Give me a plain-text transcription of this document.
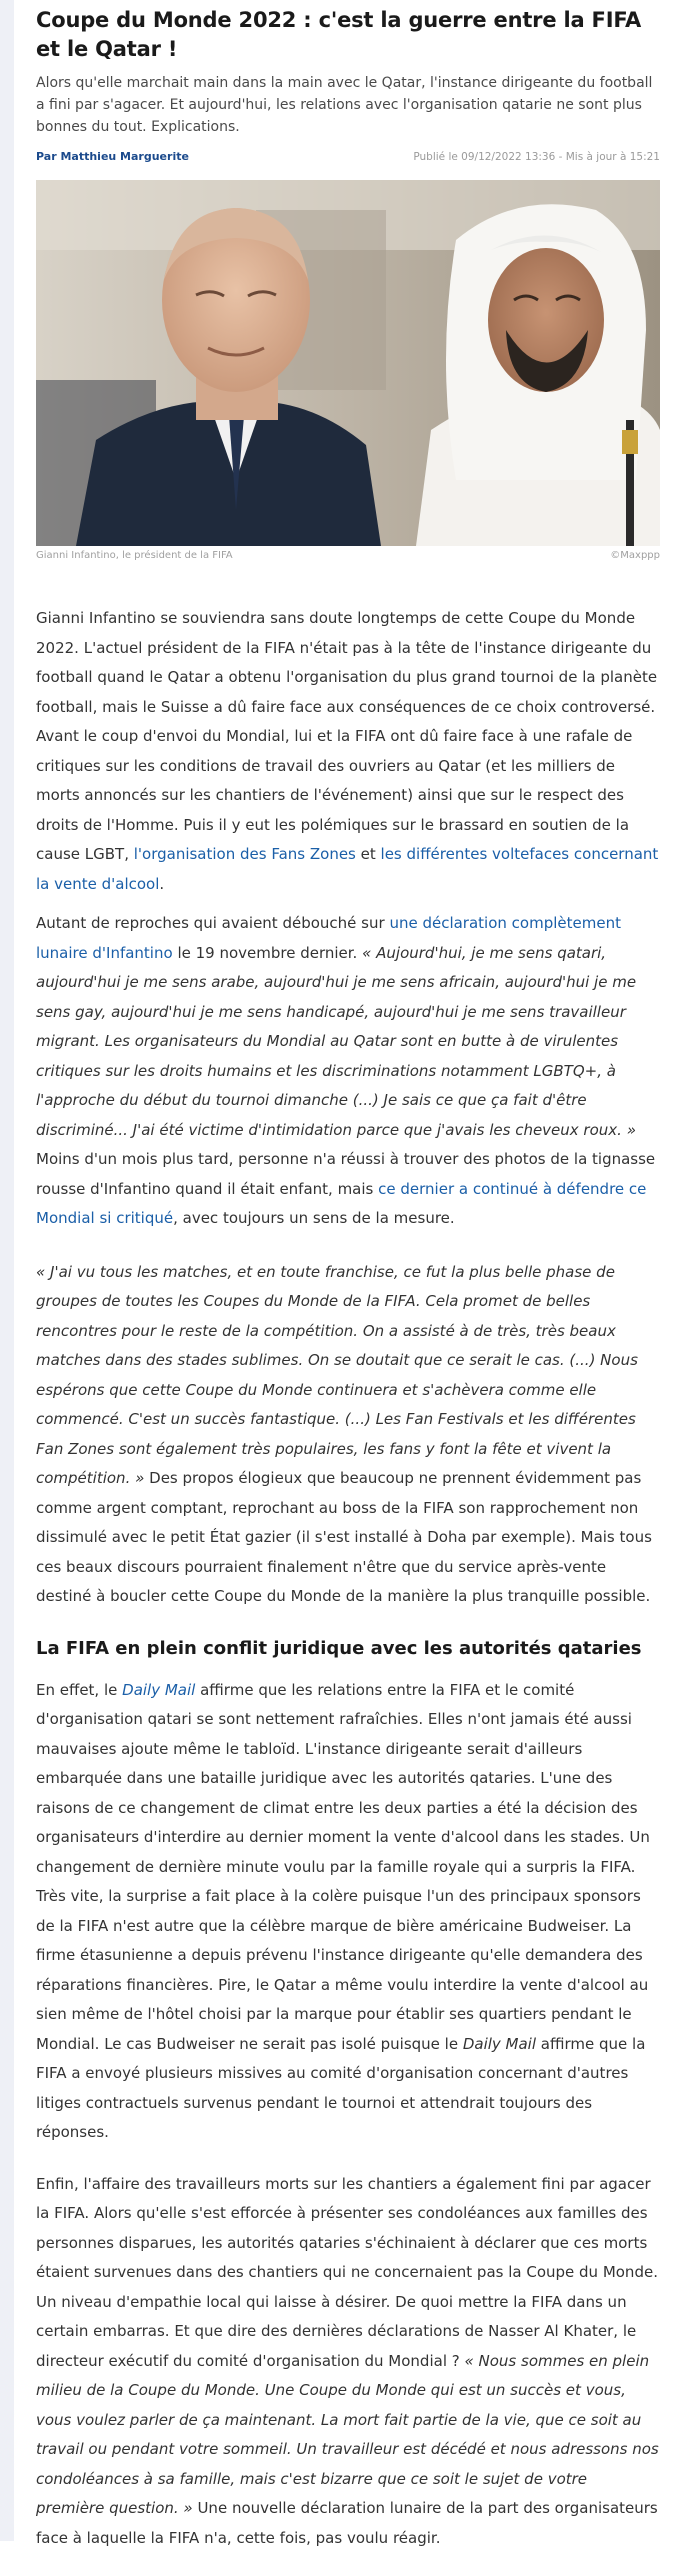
Coupe du Monde 2022 : c'est la guerre entre la FIFA et le Qatar !

Alors qu'elle marchait main dans la main avec le Qatar, l'instance dirigeante du football a fini par s'agacer. Et aujourd'hui, les relations avec l'organisation qatarie ne sont plus bonnes du tout. Explications.

Par Matthieu Marguerite	Publié le 09/12/2022 13:36 - Mis à jour à 15:21
Gianni Infantino, le président de la FIFA	©Maxppp

Gianni Infantino se souviendra sans doute longtemps de cette Coupe du Monde 2022. L'actuel président de la FIFA n'était pas à la tête de l'instance dirigeante du football quand le Qatar a obtenu l'organisation du plus grand tournoi de la planète football, mais le Suisse a dû faire face aux conséquences de ce choix controversé. Avant le coup d'envoi du Mondial, lui et la FIFA ont dû faire face à une rafale de critiques sur les conditions de travail des ouvriers au Qatar (et les milliers de morts annoncés sur les chantiers de l'événement) ainsi que sur le respect des droits de l'Homme. Puis il y eut les polémiques sur le brassard en soutien de la cause LGBT, l'organisation des Fans Zones et les différentes voltefaces concernant la vente d'alcool.

Autant de reproches qui avaient débouché sur une déclaration complètement lunaire d'Infantino le 19 novembre dernier. « Aujourd'hui, je me sens qatari, aujourd'hui je me sens arabe, aujourd'hui je me sens africain, aujourd'hui je me sens gay, aujourd'hui je me sens handicapé, aujourd'hui je me sens travailleur migrant. Les organisateurs du Mondial au Qatar sont en butte à de virulentes critiques sur les droits humains et les discriminations notamment LGBTQ+, à l'approche du début du tournoi dimanche (...) Je sais ce que ça fait d'être discriminé... J'ai été victime d'intimidation parce que j'avais les cheveux roux. » Moins d'un mois plus tard, personne n'a réussi à trouver des photos de la tignasse rousse d'Infantino quand il était enfant, mais ce dernier a continué à défendre ce Mondial si critiqué, avec toujours un sens de la mesure.

« J'ai vu tous les matches, et en toute franchise, ce fut la plus belle phase de groupes de toutes les Coupes du Monde de la FIFA. Cela promet de belles rencontres pour le reste de la compétition. On a assisté à de très, très beaux matches dans des stades sublimes. On se doutait que ce serait le cas. (...) Nous espérons que cette Coupe du Monde continuera et s'achèvera comme elle commencé. C'est un succès fantastique. (...) Les Fan Festivals et les différentes Fan Zones sont également très populaires, les fans y font la fête et vivent la compétition. » Des propos élogieux que beaucoup ne prennent évidemment pas comme argent comptant, reprochant au boss de la FIFA son rapprochement non dissimulé avec le petit État gazier (il s'est installé à Doha par exemple). Mais tous ces beaux discours pourraient finalement n'être que du service après-vente destiné à boucler cette Coupe du Monde de la manière la plus tranquille possible.

La FIFA en plein conflit juridique avec les autorités qataries

En effet, le Daily Mail affirme que les relations entre la FIFA et le comité d'organisation qatari se sont nettement rafraîchies. Elles n'ont jamais été aussi mauvaises ajoute même le tabloïd. L'instance dirigeante serait d'ailleurs embarquée dans une bataille juridique avec les autorités qataries. L'une des raisons de ce changement de climat entre les deux parties a été la décision des organisateurs d'interdire au dernier moment la vente d'alcool dans les stades. Un changement de dernière minute voulu par la famille royale qui a surpris la FIFA. Très vite, la surprise a fait place à la colère puisque l'un des principaux sponsors de la FIFA n'est autre que la célèbre marque de bière américaine Budweiser. La firme étasunienne a depuis prévenu l'instance dirigeante qu'elle demandera des réparations financières. Pire, le Qatar a même voulu interdire la vente d'alcool au sien même de l'hôtel choisi par la marque pour établir ses quartiers pendant le Mondial. Le cas Budweiser ne serait pas isolé puisque le Daily Mail affirme que la FIFA a envoyé plusieurs missives au comité d'organisation concernant d'autres litiges contractuels survenus pendant le tournoi et attendrait toujours des réponses.

Enfin, l'affaire des travailleurs morts sur les chantiers a également fini par agacer la FIFA. Alors qu'elle s'est efforcée à présenter ses condoléances aux familles des personnes disparues, les autorités qataries s'échinaient à déclarer que ces morts étaient survenues dans des chantiers qui ne concernaient pas la Coupe du Monde. Un niveau d'empathie local qui laisse à désirer. De quoi mettre la FIFA dans un certain embarras. Et que dire des dernières déclarations de Nasser Al Khater, le directeur exécutif du comité d'organisation du Mondial ? « Nous sommes en plein milieu de la Coupe du Monde. Une Coupe du Monde qui est un succès et vous, vous voulez parler de ça maintenant. La mort fait partie de la vie, que ce soit au travail ou pendant votre sommeil. Un travailleur est décédé et nous adressons nos condoléances à sa famille, mais c'est bizarre que ce soit le sujet de votre première question. » Une nouvelle déclaration lunaire de la part des organisateurs face à laquelle la FIFA n'a, cette fois, pas voulu réagir.
